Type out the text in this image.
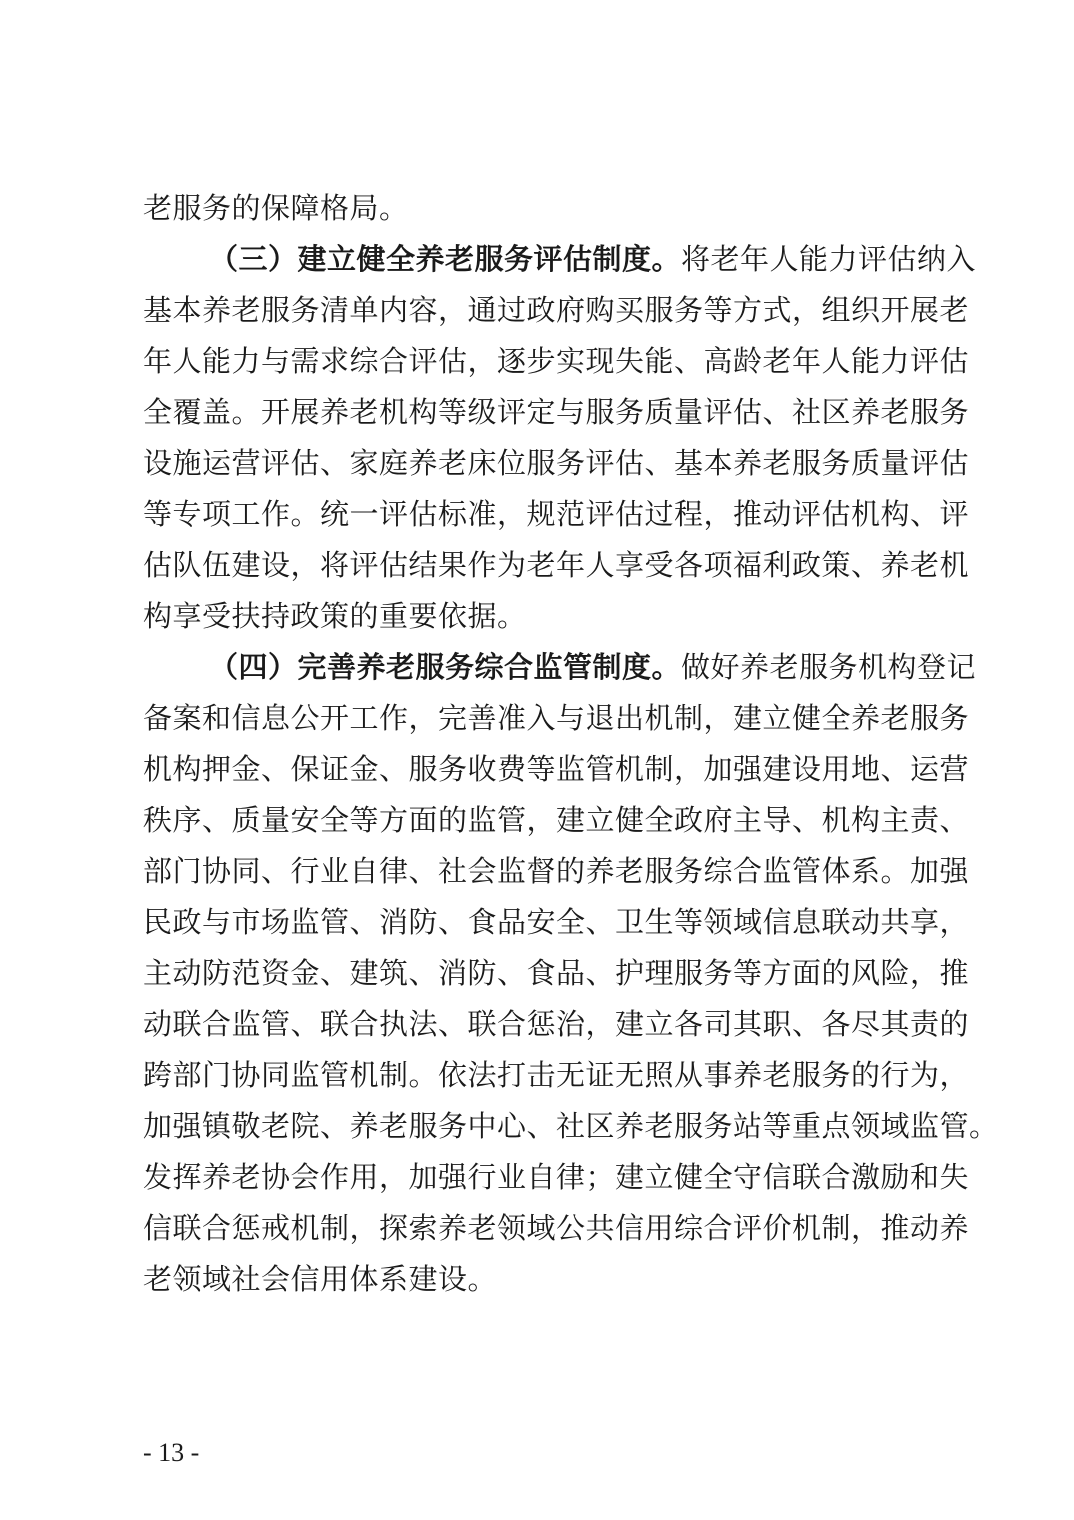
老服务的保障格局。
（三）建立健全养老服务评估制度。将老年人能力评估纳入
基本养老服务清单内容，通过政府购买服务等方式，组织开展老
年人能力与需求综合评估，逐步实现失能、高龄老年人能力评估
全覆盖。开展养老机构等级评定与服务质量评估、社区养老服务
设施运营评估、家庭养老床位服务评估、基本养老服务质量评估
等专项工作。统一评估标准，规范评估过程，推动评估机构、评
估队伍建设，将评估结果作为老年人享受各项福利政策、养老机
构享受扶持政策的重要依据。
（四）完善养老服务综合监管制度。做好养老服务机构登记
备案和信息公开工作，完善准入与退出机制，建立健全养老服务
机构押金、保证金、服务收费等监管机制，加强建设用地、运营
秩序、质量安全等方面的监管，建立健全政府主导、机构主责、
部门协同、行业自律、社会监督的养老服务综合监管体系。加强
民政与市场监管、消防、食品安全、卫生等领域信息联动共享，
主动防范资金、建筑、消防、食品、护理服务等方面的风险，推
动联合监管、联合执法、联合惩治，建立各司其职、各尽其责的
跨部门协同监管机制。依法打击无证无照从事养老服务的行为，
加强镇敬老院、养老服务中心、社区养老服务站等重点领域监管。
发挥养老协会作用，加强行业自律；建立健全守信联合激励和失
信联合惩戒机制，探索养老领域公共信用综合评价机制，推动养
老领域社会信用体系建设。
- 13 -
